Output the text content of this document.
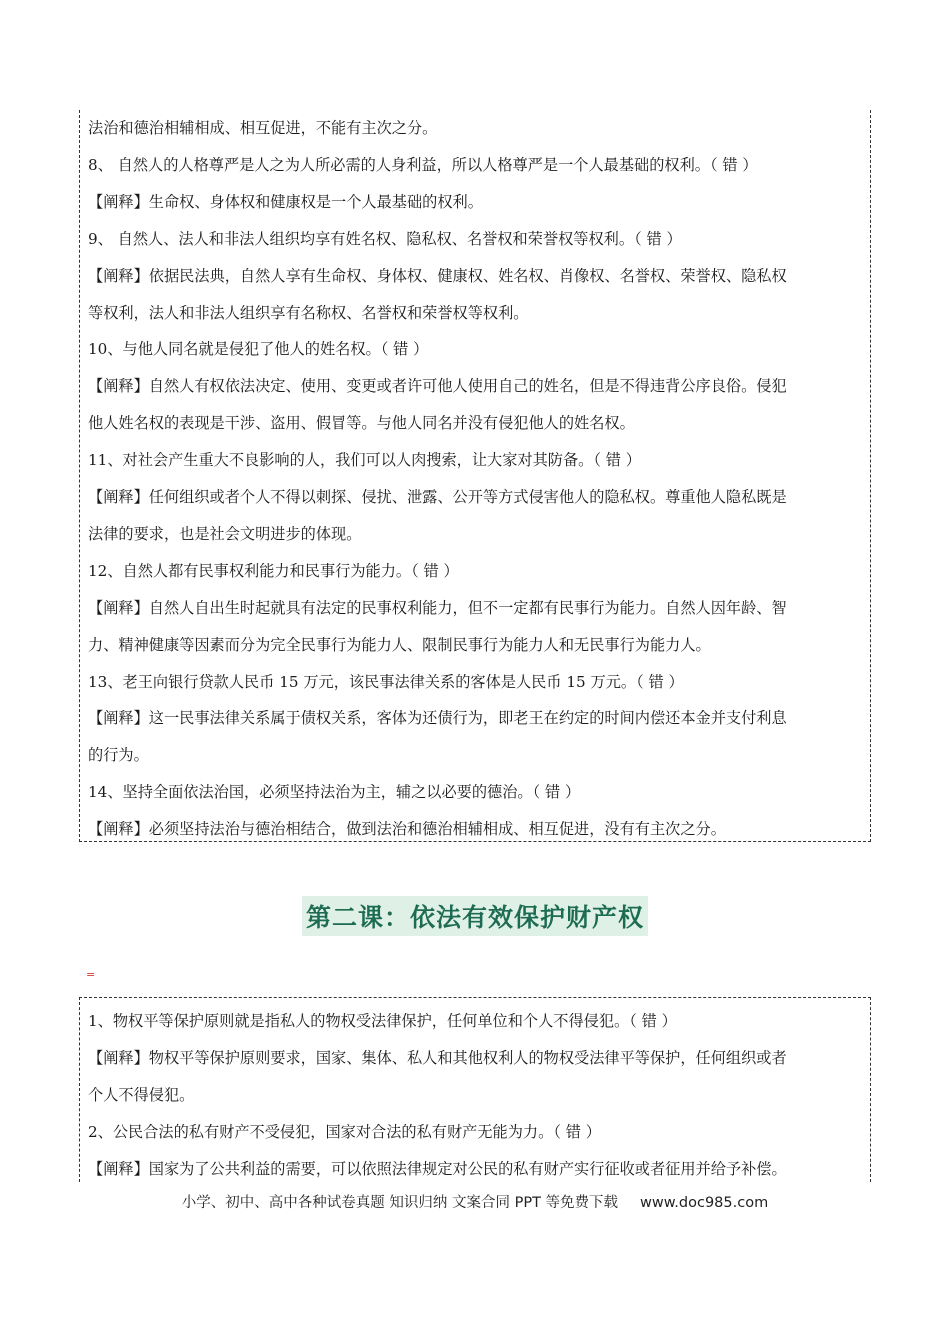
法治和德治相辅相成、相互促进，不能有主次之分。
8、 自然人的人格尊严是人之为人所必需的人身利益，所以人格尊严是一个人最基础的权利。（ 错 ）
【阐释】生命权、身体权和健康权是一个人最基础的权利。
9、 自然人、法人和非法人组织均享有姓名权、隐私权、名誉权和荣誉权等权利。（ 错 ）
【阐释】依据民法典，自然人享有生命权、身体权、健康权、姓名权、肖像权、名誉权、荣誉权、隐私权
等权利，法人和非法人组织享有名称权、名誉权和荣誉权等权利。
10、与他人同名就是侵犯了他人的姓名权。（ 错 ）
【阐释】自然人有权依法决定、使用、变更或者许可他人使用自己的姓名，但是不得违背公序良俗。侵犯
他人姓名权的表现是干涉、盗用、假冒等。与他人同名并没有侵犯他人的姓名权。
11、对社会产生重大不良影响的人，我们可以人肉搜索，让大家对其防备。（ 错 ）
【阐释】任何组织或者个人不得以刺探、侵扰、泄露、公开等方式侵害他人的隐私权。尊重他人隐私既是
法律的要求，也是社会文明进步的体现。
12、自然人都有民事权利能力和民事行为能力。（ 错 ）
【阐释】自然人自出生时起就具有法定的民事权利能力，但不一定都有民事行为能力。自然人因年龄、智
力、精神健康等因素而分为完全民事行为能力人、限制民事行为能力人和无民事行为能力人。
13、老王向银行贷款人民币 15 万元，该民事法律关系的客体是人民币 15 万元。（ 错 ）
【阐释】这一民事法律关系属于债权关系，客体为还债行为，即老王在约定的时间内偿还本金并支付利息
的行为。
14、坚持全面依法治国，必须坚持法治为主，辅之以必要的德治。（ 错 ）
【阐释】必须坚持法治与德治相结合，做到法治和德治相辅相成、相互促进，没有有主次之分。
第二课：依法有效保护财产权
=
1、物权平等保护原则就是指私人的物权受法律保护，任何单位和个人不得侵犯。（ 错 ）
【阐释】物权平等保护原则要求，国家、集体、私人和其他权利人的物权受法律平等保护，任何组织或者
个人不得侵犯。
2、公民合法的私有财产不受侵犯，国家对合法的私有财产无能为力。（ 错 ）
【阐释】国家为了公共利益的需要，可以依照法律规定对公民的私有财产实行征收或者征用并给予补偿。
小学、初中、高中各种试卷真题 知识归纳 文案合同 PPT 等免费下载 www.doc985.com
